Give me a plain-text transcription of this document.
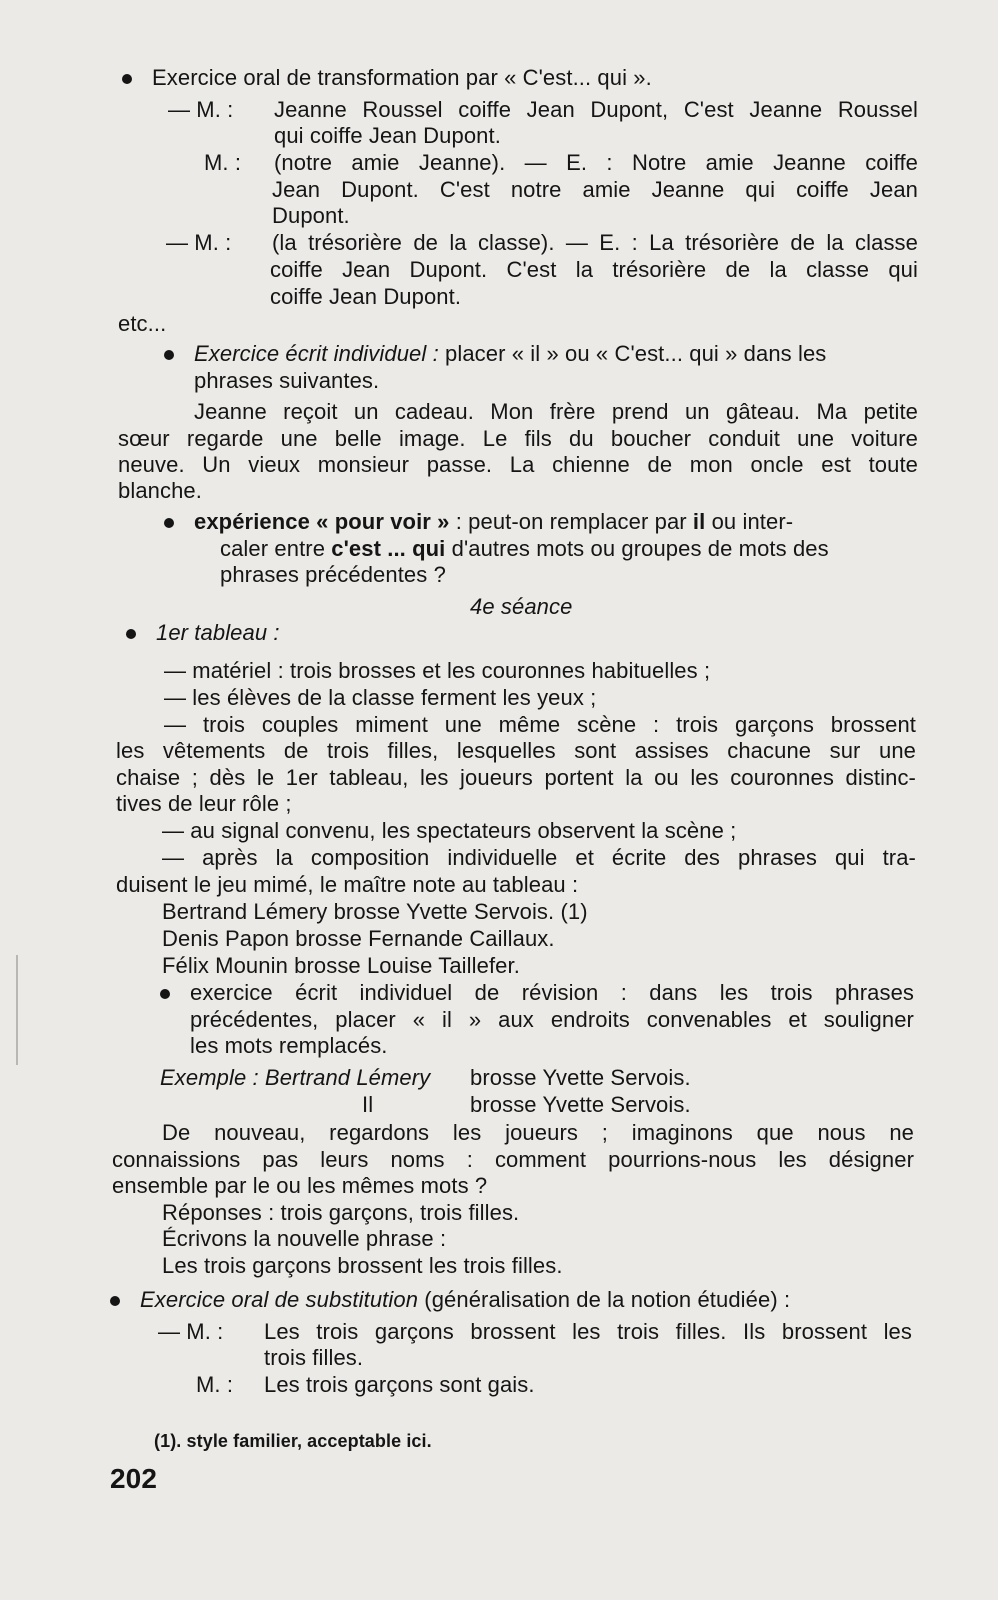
Exercice oral de transformation par « C'est... qui ».
— M. : Jeanne Roussel coiffe Jean Dupont, C'est Jeanne Roussel
qui coiffe Jean Dupont.
M. : (notre amie Jeanne). — E. : Notre amie Jeanne coiffe
Jean Dupont. C'est notre amie Jeanne qui coiffe Jean
Dupont.
— M. : (la trésorière de la classe). — E. : La trésorière de la classe
coiffe Jean Dupont. C'est la trésorière de la classe qui
coiffe Jean Dupont.
etc...
Exercice écrit individuel : placer « il » ou « C'est... qui » dans les
phrases suivantes.
Jeanne reçoit un cadeau. Mon frère prend un gâteau. Ma petite
sœur regarde une belle image. Le fils du boucher conduit une voiture
neuve. Un vieux monsieur passe. La chienne de mon oncle est toute
blanche.
expérience « pour voir » : peut-on remplacer par il ou inter-
caler entre c'est ... qui d'autres mots ou groupes de mots des
phrases précédentes ?
4e séance
1er tableau :
— matériel : trois brosses et les couronnes habituelles ;
— les élèves de la classe ferment les yeux ;
— trois couples miment une même scène : trois garçons brossent
les vêtements de trois filles, lesquelles sont assises chacune sur une
chaise ; dès le 1er tableau, les joueurs portent la ou les couronnes distinc-
tives de leur rôle ;
— au signal convenu, les spectateurs observent la scène ;
— après la composition individuelle et écrite des phrases qui tra-
duisent le jeu mimé, le maître note au tableau :
Bertrand Lémery brosse Yvette Servois. (1)
Denis Papon brosse Fernande Caillaux.
Félix Mounin brosse Louise Taillefer.
exercice écrit individuel de révision : dans les trois phrases
précédentes, placer « il » aux endroits convenables et souligner
les mots remplacés.
Exemple : Bertrand Lémery brosse Yvette Servois.
Il	brosse Yvette Servois.
De nouveau, regardons les joueurs ; imaginons que nous ne
connaissions pas leurs noms : comment pourrions-nous les désigner
ensemble par le ou les mêmes mots ?
Réponses : trois garçons, trois filles.
Écrivons la nouvelle phrase :
Les trois garçons brossent les trois filles.
Exercice oral de substitution (généralisation de la notion étudiée) :
— M. : Les trois garçons brossent les trois filles. Ils brossent les
trois filles.
M. : Les trois garçons sont gais.
(1). style familier, acceptable ici.
202
